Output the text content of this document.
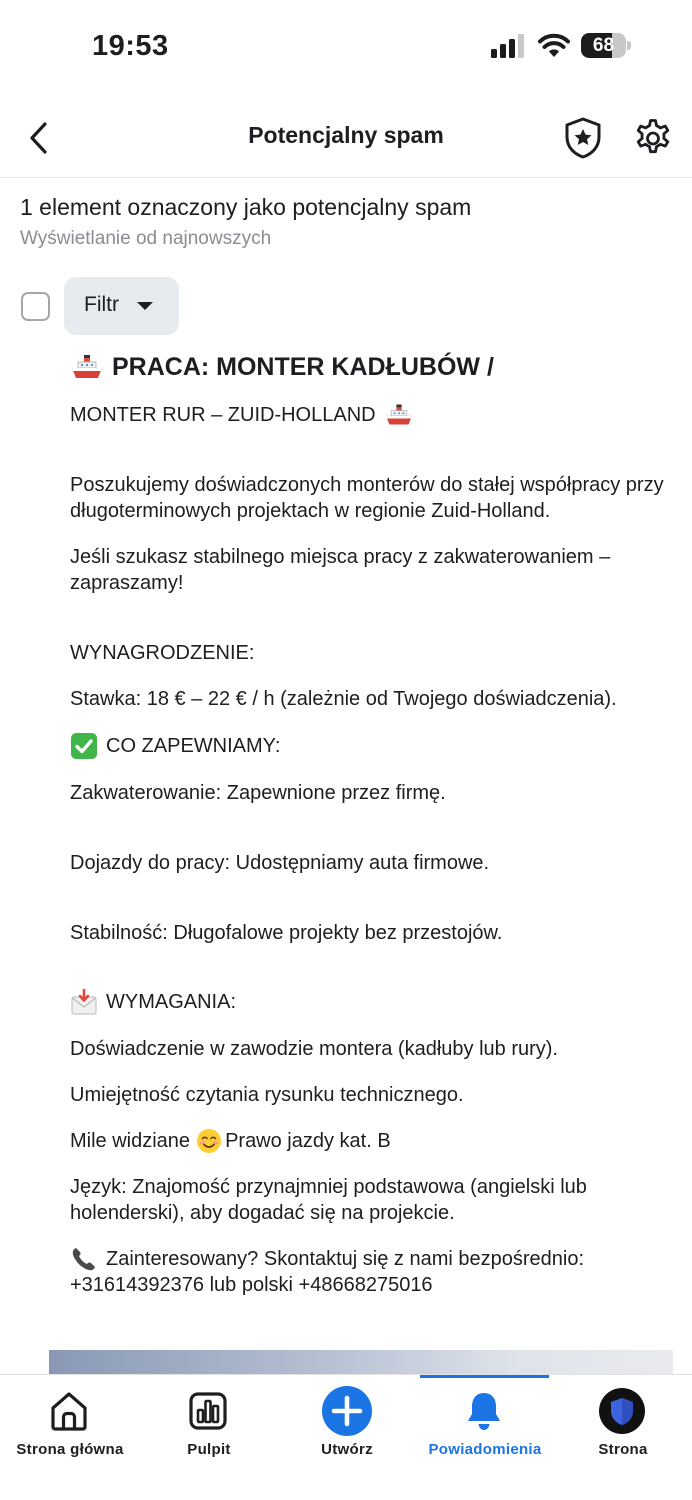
19:53	68
Potencjalny spam
1 element oznaczony jako potencjalny spam
Wyświetlanie od najnowszych
Filtr
PRACA: MONTER KADŁUBÓW /
MONTER RUR – ZUID-HOLLAND

Poszukujemy doświadczonych monterów do stałej współpracy przy długoterminowych projektach w regionie Zuid-Holland.

Jeśli szukasz stabilnego miejsca pracy z zakwaterowaniem – zapraszamy!

WYNAGRODZENIE:

Stawka: 18 € – 22 € / h (zależnie od Twojego doświadczenia).

CO ZAPEWNIAMY:

Zakwaterowanie: Zapewnione przez firmę.

Dojazdy do pracy: Udostępniamy auta firmowe.

Stabilność: Długofalowe projekty bez przestojów.

WYMAGANIA:

Doświadczenie w zawodzie montera (kadłuby lub rury).

Umiejętność czytania rysunku technicznego.

Mile widziane Prawo jazdy kat. B

Język: Znajomość przynajmniej podstawowa (angielski lub holenderski), aby dogadać się na projekcie.

Zainteresowany? Skontaktuj się z nami bezpośrednio:

+31614392376 lub polski +48668275016

Strona główna	Pulpit	Utwórz	Powiadomienia	Strona
